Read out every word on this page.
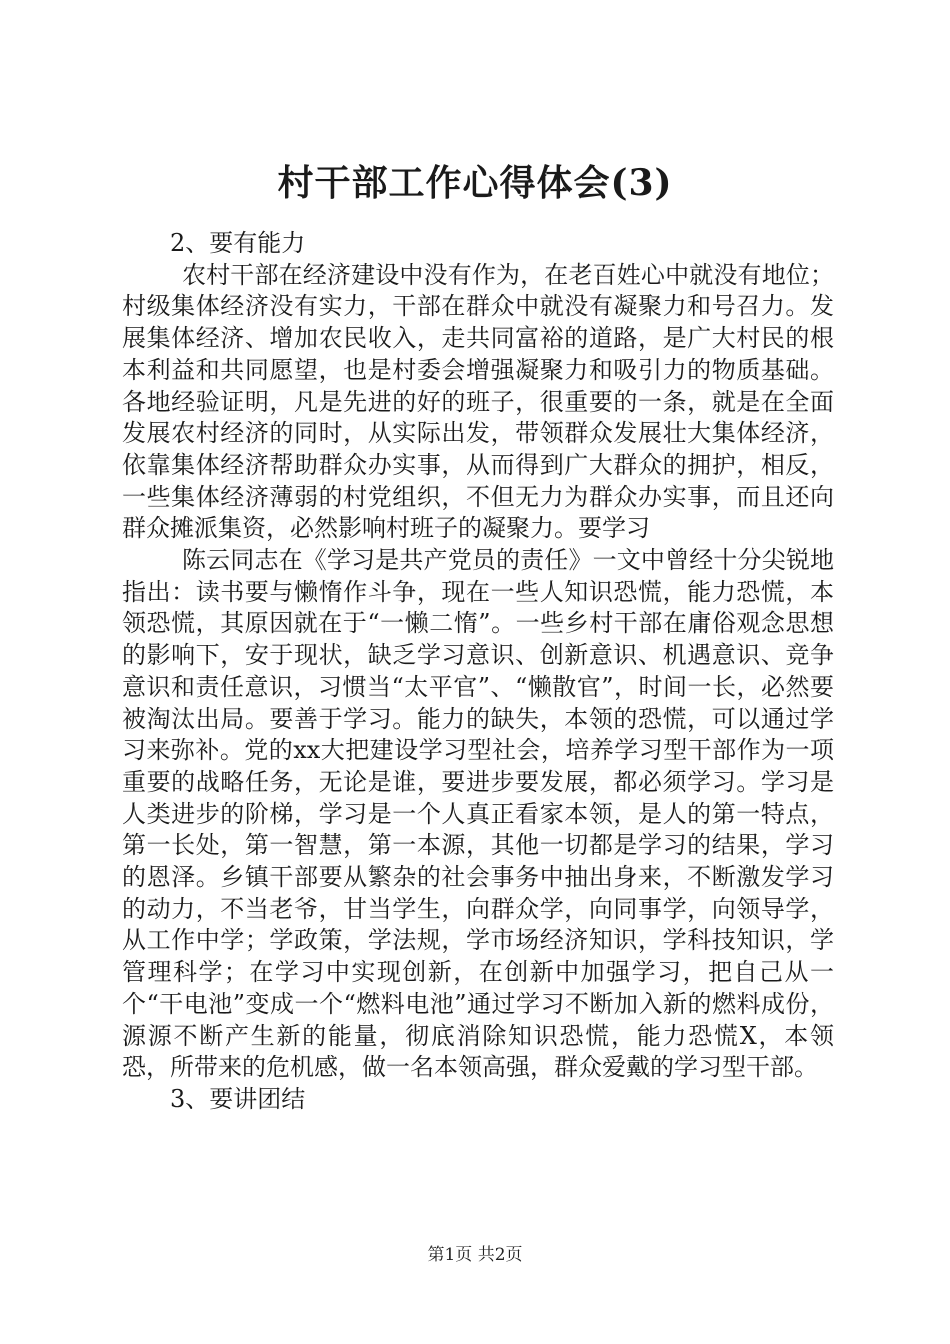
村干部工作心得体会(3)

2、要有能力

农村干部在经济建设中没有作为，在老百姓心中就没有地位；村级集体经济没有实力，干部在群众中就没有凝聚力和号召力。发展集体经济、增加农民收入，走共同富裕的道路，是广大村民的根本利益和共同愿望，也是村委会增强凝聚力和吸引力的物质基础。各地经验证明，凡是先进的好的班子，很重要的一条，就是在全面发展农村经济的同时，从实际出发，带领群众发展壮大集体经济，依靠集体经济帮助群众办实事，从而得到广大群众的拥护，相反，一些集体经济薄弱的村党组织，不但无力为群众办实事，而且还向群众摊派集资，必然影响村班子的凝聚力。要学习

陈云同志在《学习是共产党员的责任》一文中曾经十分尖锐地指出：读书要与懒惰作斗争，现在一些人知识恐慌，能力恐慌，本领恐慌，其原因就在于“一懒二惰”。一些乡村干部在庸俗观念思想的影响下，安于现状，缺乏学习意识、创新意识、机遇意识、竞争意识和责任意识，习惯当“太平官”、“懒散官”，时间一长，必然要被淘汰出局。要善于学习。能力的缺失，本领的恐慌，可以通过学习来弥补。党的xx大把建设学习型社会，培养学习型干部作为一项重要的战略任务，无论是谁，要进步要发展，都必须学习。学习是人类进步的阶梯，学习是一个人真正看家本领，是人的第一特点，第一长处，第一智慧，第一本源，其他一切都是学习的结果，学习的恩泽。乡镇干部要从繁杂的社会事务中抽出身来，不断激发学习的动力，不当老爷，甘当学生，向群众学，向同事学，向领导学，从工作中学；学政策，学法规，学市场经济知识，学科技知识，学管理科学；在学习中实现创新，在创新中加强学习，把自己从一个“干电池”变成一个“燃料电池”通过学习不断加入新的燃料成份，源源不断产生新的能量，彻底消除知识恐慌，能力恐慌X，本领恐，所带来的危机感，做一名本领高强，群众爱戴的学习型干部。

3、要讲团结

第1页 共2页
